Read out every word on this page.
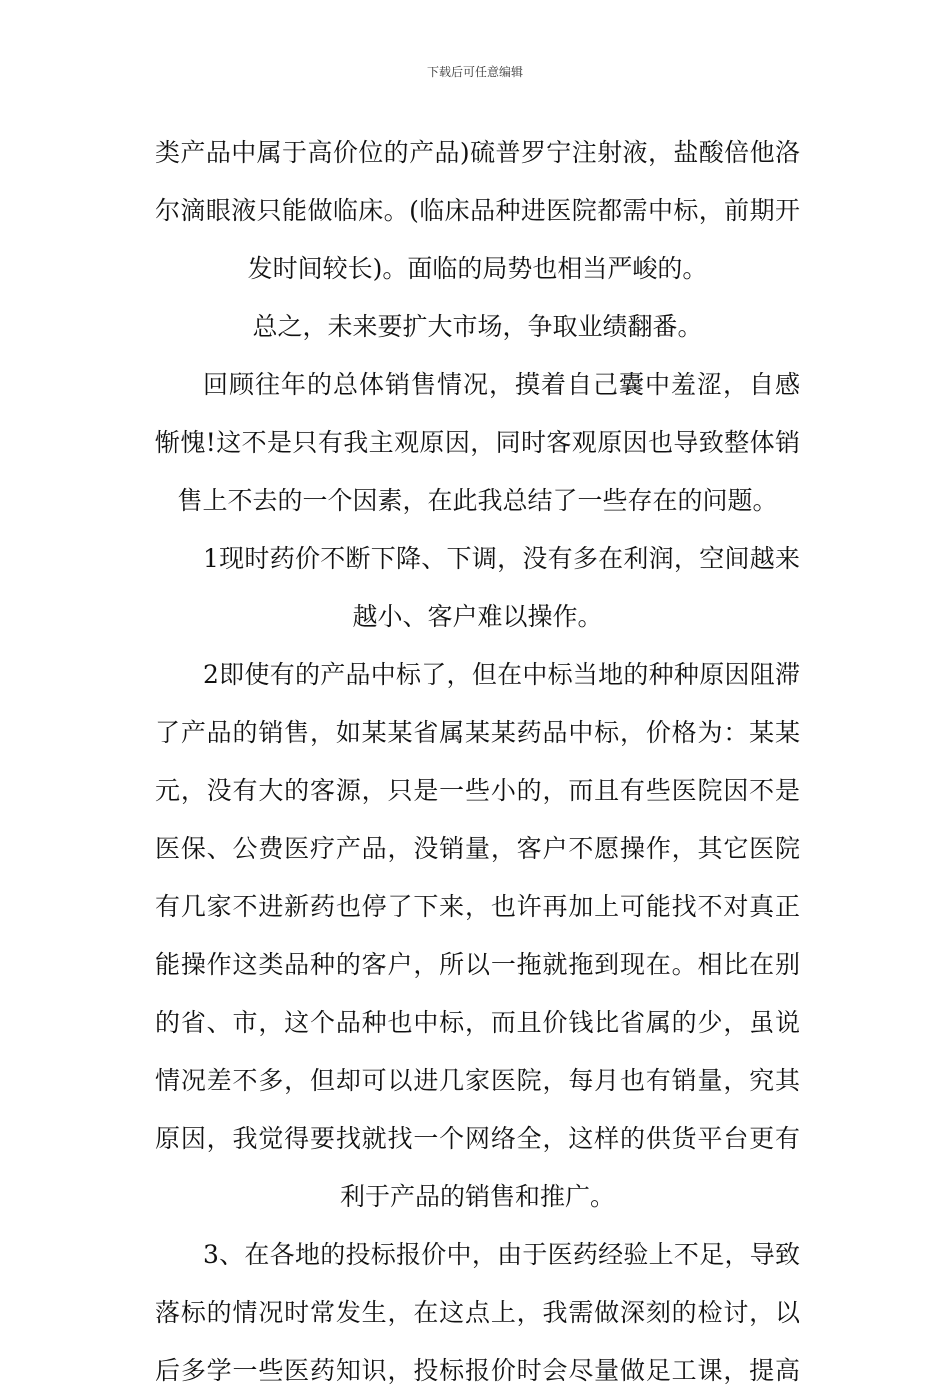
下载后可任意编辑
类产品中属于高价位的产品)硫普罗宁注射液，盐酸倍他洛
尔滴眼液只能做临床。(临床品种进医院都需中标，前期开
发时间较长)。面临的局势也相当严峻的。
总之，未来要扩大市场，争取业绩翻番。
回顾往年的总体销售情况，摸着自己囊中羞涩，自感
惭愧!这不是只有我主观原因，同时客观原因也导致整体销
售上不去的一个因素，在此我总结了一些存在的问题。
1现时药价不断下降、下调，没有多在利润，空间越来
越小、客户难以操作。
2即使有的产品中标了，但在中标当地的种种原因阻滞
了产品的销售，如某某省属某某药品中标，价格为：某某
元，没有大的客源，只是一些小的，而且有些医院因不是
医保、公费医疗产品，没销量，客户不愿操作，其它医院
有几家不进新药也停了下来，也许再加上可能找不对真正
能操作这类品种的客户，所以一拖就拖到现在。相比在别
的省、市，这个品种也中标，而且价钱比省属的少，虽说
情况差不多，但却可以进几家医院，每月也有销量，究其
原因，我觉得要找就找一个网络全，这样的供货平台更有
利于产品的销售和推广。
3、在各地的投标报价中，由于医药经验上不足，导致
落标的情况时常发生，在这点上，我需做深刻的检讨，以
后多学一些医药知识，投标报价时会尽量做足工课，提高
